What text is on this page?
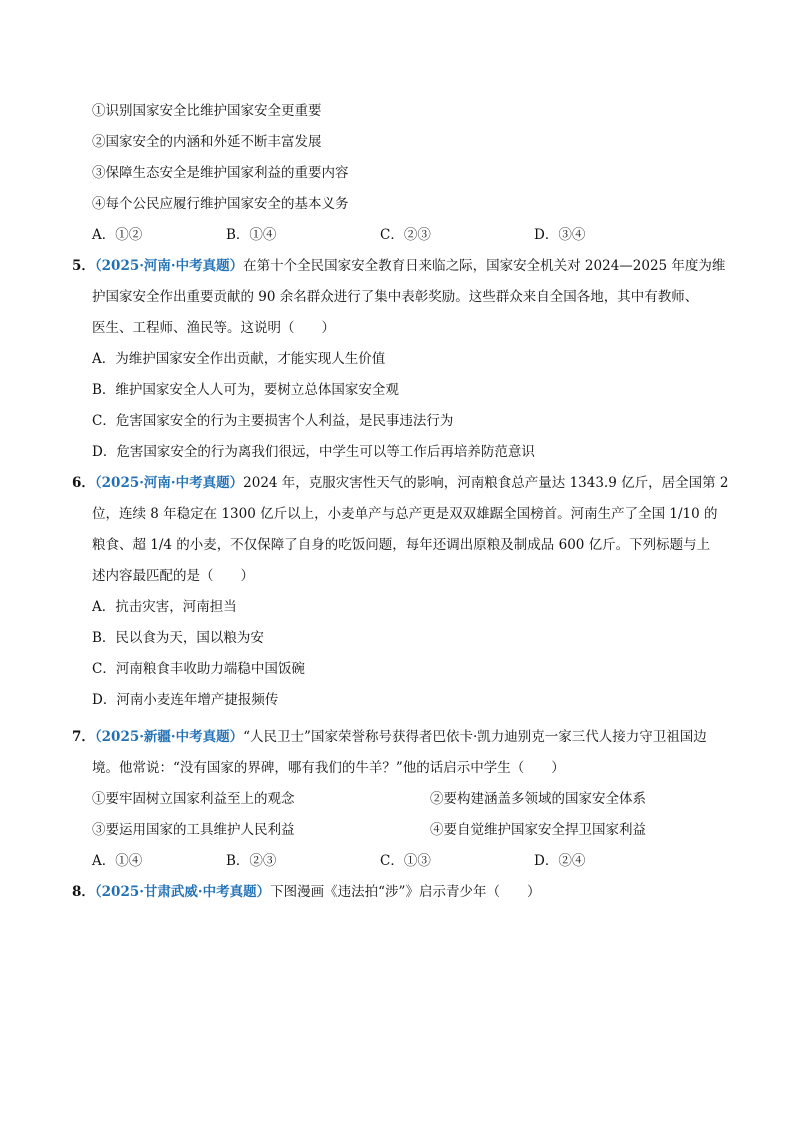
①识别国家安全比维护国家安全更重要
②国家安全的内涵和外延不断丰富发展
③保障生态安全是维护国家利益的重要内容
④每个公民应履行维护国家安全的基本义务
A．①②	B．①④	C．②③	D．③④
5．（2025·河南·中考真题）在第十个全民国家安全教育日来临之际，国家安全机关对 2024—2025 年度为维
护国家安全作出重要贡献的 90 余名群众进行了集中表彰奖励。这些群众来自全国各地，其中有教师、
医生、工程师、渔民等。这说明（　　）
A．为维护国家安全作出贡献，才能实现人生价值
B．维护国家安全人人可为，要树立总体国家安全观
C．危害国家安全的行为主要损害个人利益，是民事违法行为
D．危害国家安全的行为离我们很远，中学生可以等工作后再培养防范意识
6．（2025·河南·中考真题）2024 年，克服灾害性天气的影响，河南粮食总产量达 1343.9 亿斤，居全国第 2
位，连续 8 年稳定在 1300 亿斤以上，小麦单产与总产更是双双雄踞全国榜首。河南生产了全国 1/10 的
粮食、超 1/4 的小麦，不仅保障了自身的吃饭问题，每年还调出原粮及制成品 600 亿斤。下列标题与上
述内容最匹配的是（　　）
A．抗击灾害，河南担当
B．民以食为天，国以粮为安
C．河南粮食丰收助力端稳中国饭碗
D．河南小麦连年增产捷报频传
7．（2025·新疆·中考真题）“人民卫士”国家荣誉称号获得者巴依卡·凯力迪别克一家三代人接力守卫祖国边
境。他常说：“没有国家的界碑，哪有我们的牛羊？”他的话启示中学生（　　）
①要牢固树立国家利益至上的观念	②要构建涵盖多领域的国家安全体系
③要运用国家的工具维护人民利益	④要自觉维护国家安全捍卫国家利益
A．①④	B．②③	C．①③	D．②④
8．（2025·甘肃武威·中考真题）下图漫画《违法拍“涉”》启示青少年（　　）
